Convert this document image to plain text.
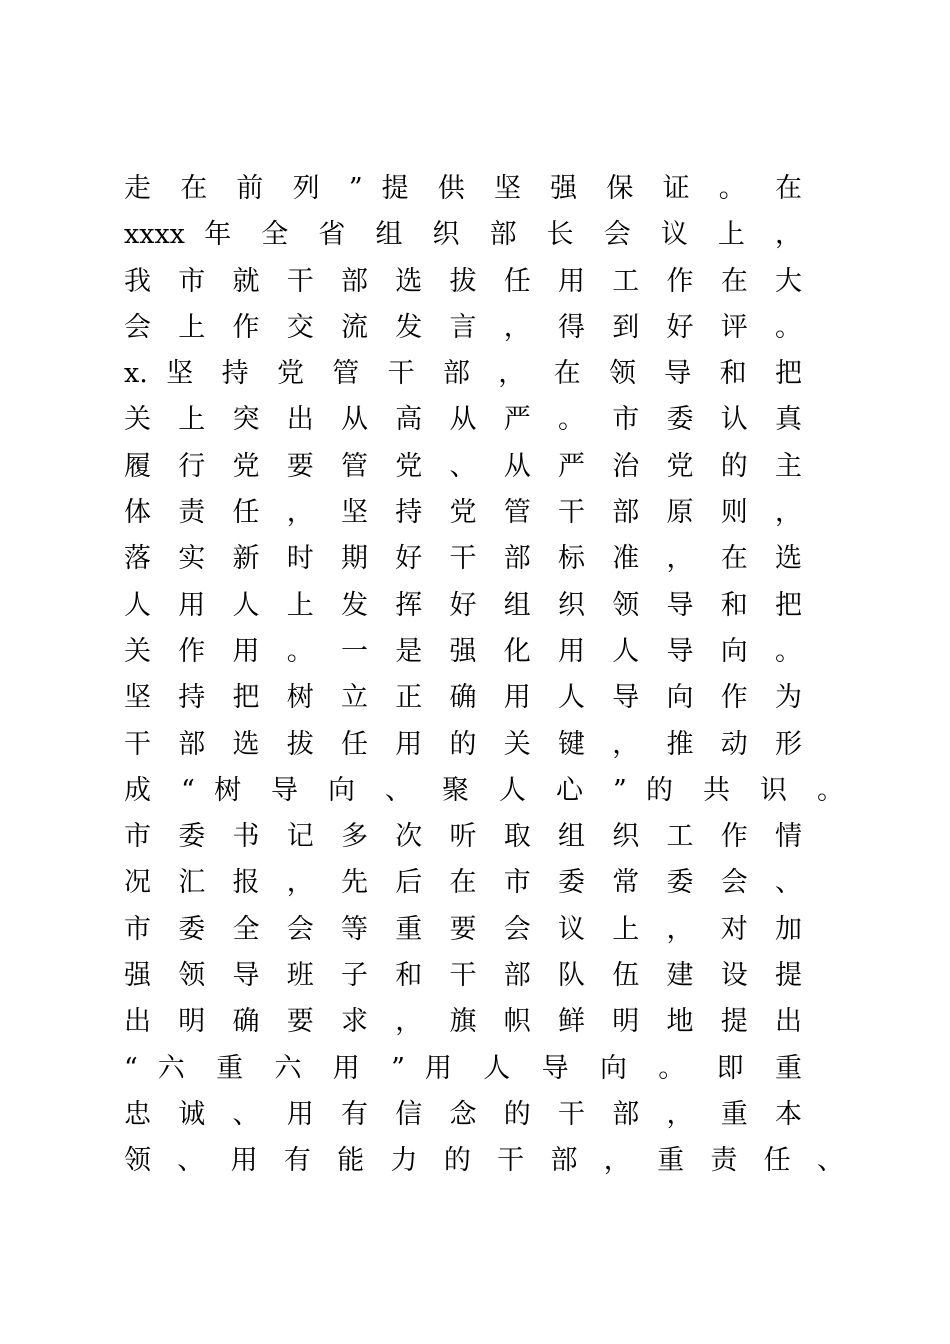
走 在 前 列 ” 提 供 坚 强 保 证 。 在
xxxx 年 全 省 组 织 部 长 会 议 上 ，
我 市 就 干 部 选 拔 任 用 工 作 在 大
会 上 作 交 流 发 言 ， 得 到 好 评 。
x. 坚 持 党 管 干 部 ， 在 领 导 和 把
关 上 突 出 从 高 从 严 。 市 委 认 真
履 行 党 要 管 党 、 从 严 治 党 的 主
体 责 任 ， 坚 持 党 管 干 部 原 则 ，
落 实 新 时 期 好 干 部 标 准 ， 在 选
人 用 人 上 发 挥 好 组 织 领 导 和 把
关 作 用 。 一 是 强 化 用 人 导 向 。
坚 持 把 树 立 正 确 用 人 导 向 作 为
干 部 选 拔 任 用 的 关 键 ， 推 动 形
成 “ 树 导 向 、 聚 人 心 ” 的 共 识 。
市 委 书 记 多 次 听 取 组 织 工 作 情
况 汇 报 ， 先 后 在 市 委 常 委 会 、
市 委 全 会 等 重 要 会 议 上 ， 对 加
强 领 导 班 子 和 干 部 队 伍 建 设 提
出 明 确 要 求 ， 旗 帜 鲜 明 地 提 出
“ 六 重 六 用 ” 用 人 导 向 。 即 重
忠 诚 、 用 有 信 念 的 干 部 ， 重 本
领 、 用 有 能 力 的 干 部 ， 重 责 任 、
